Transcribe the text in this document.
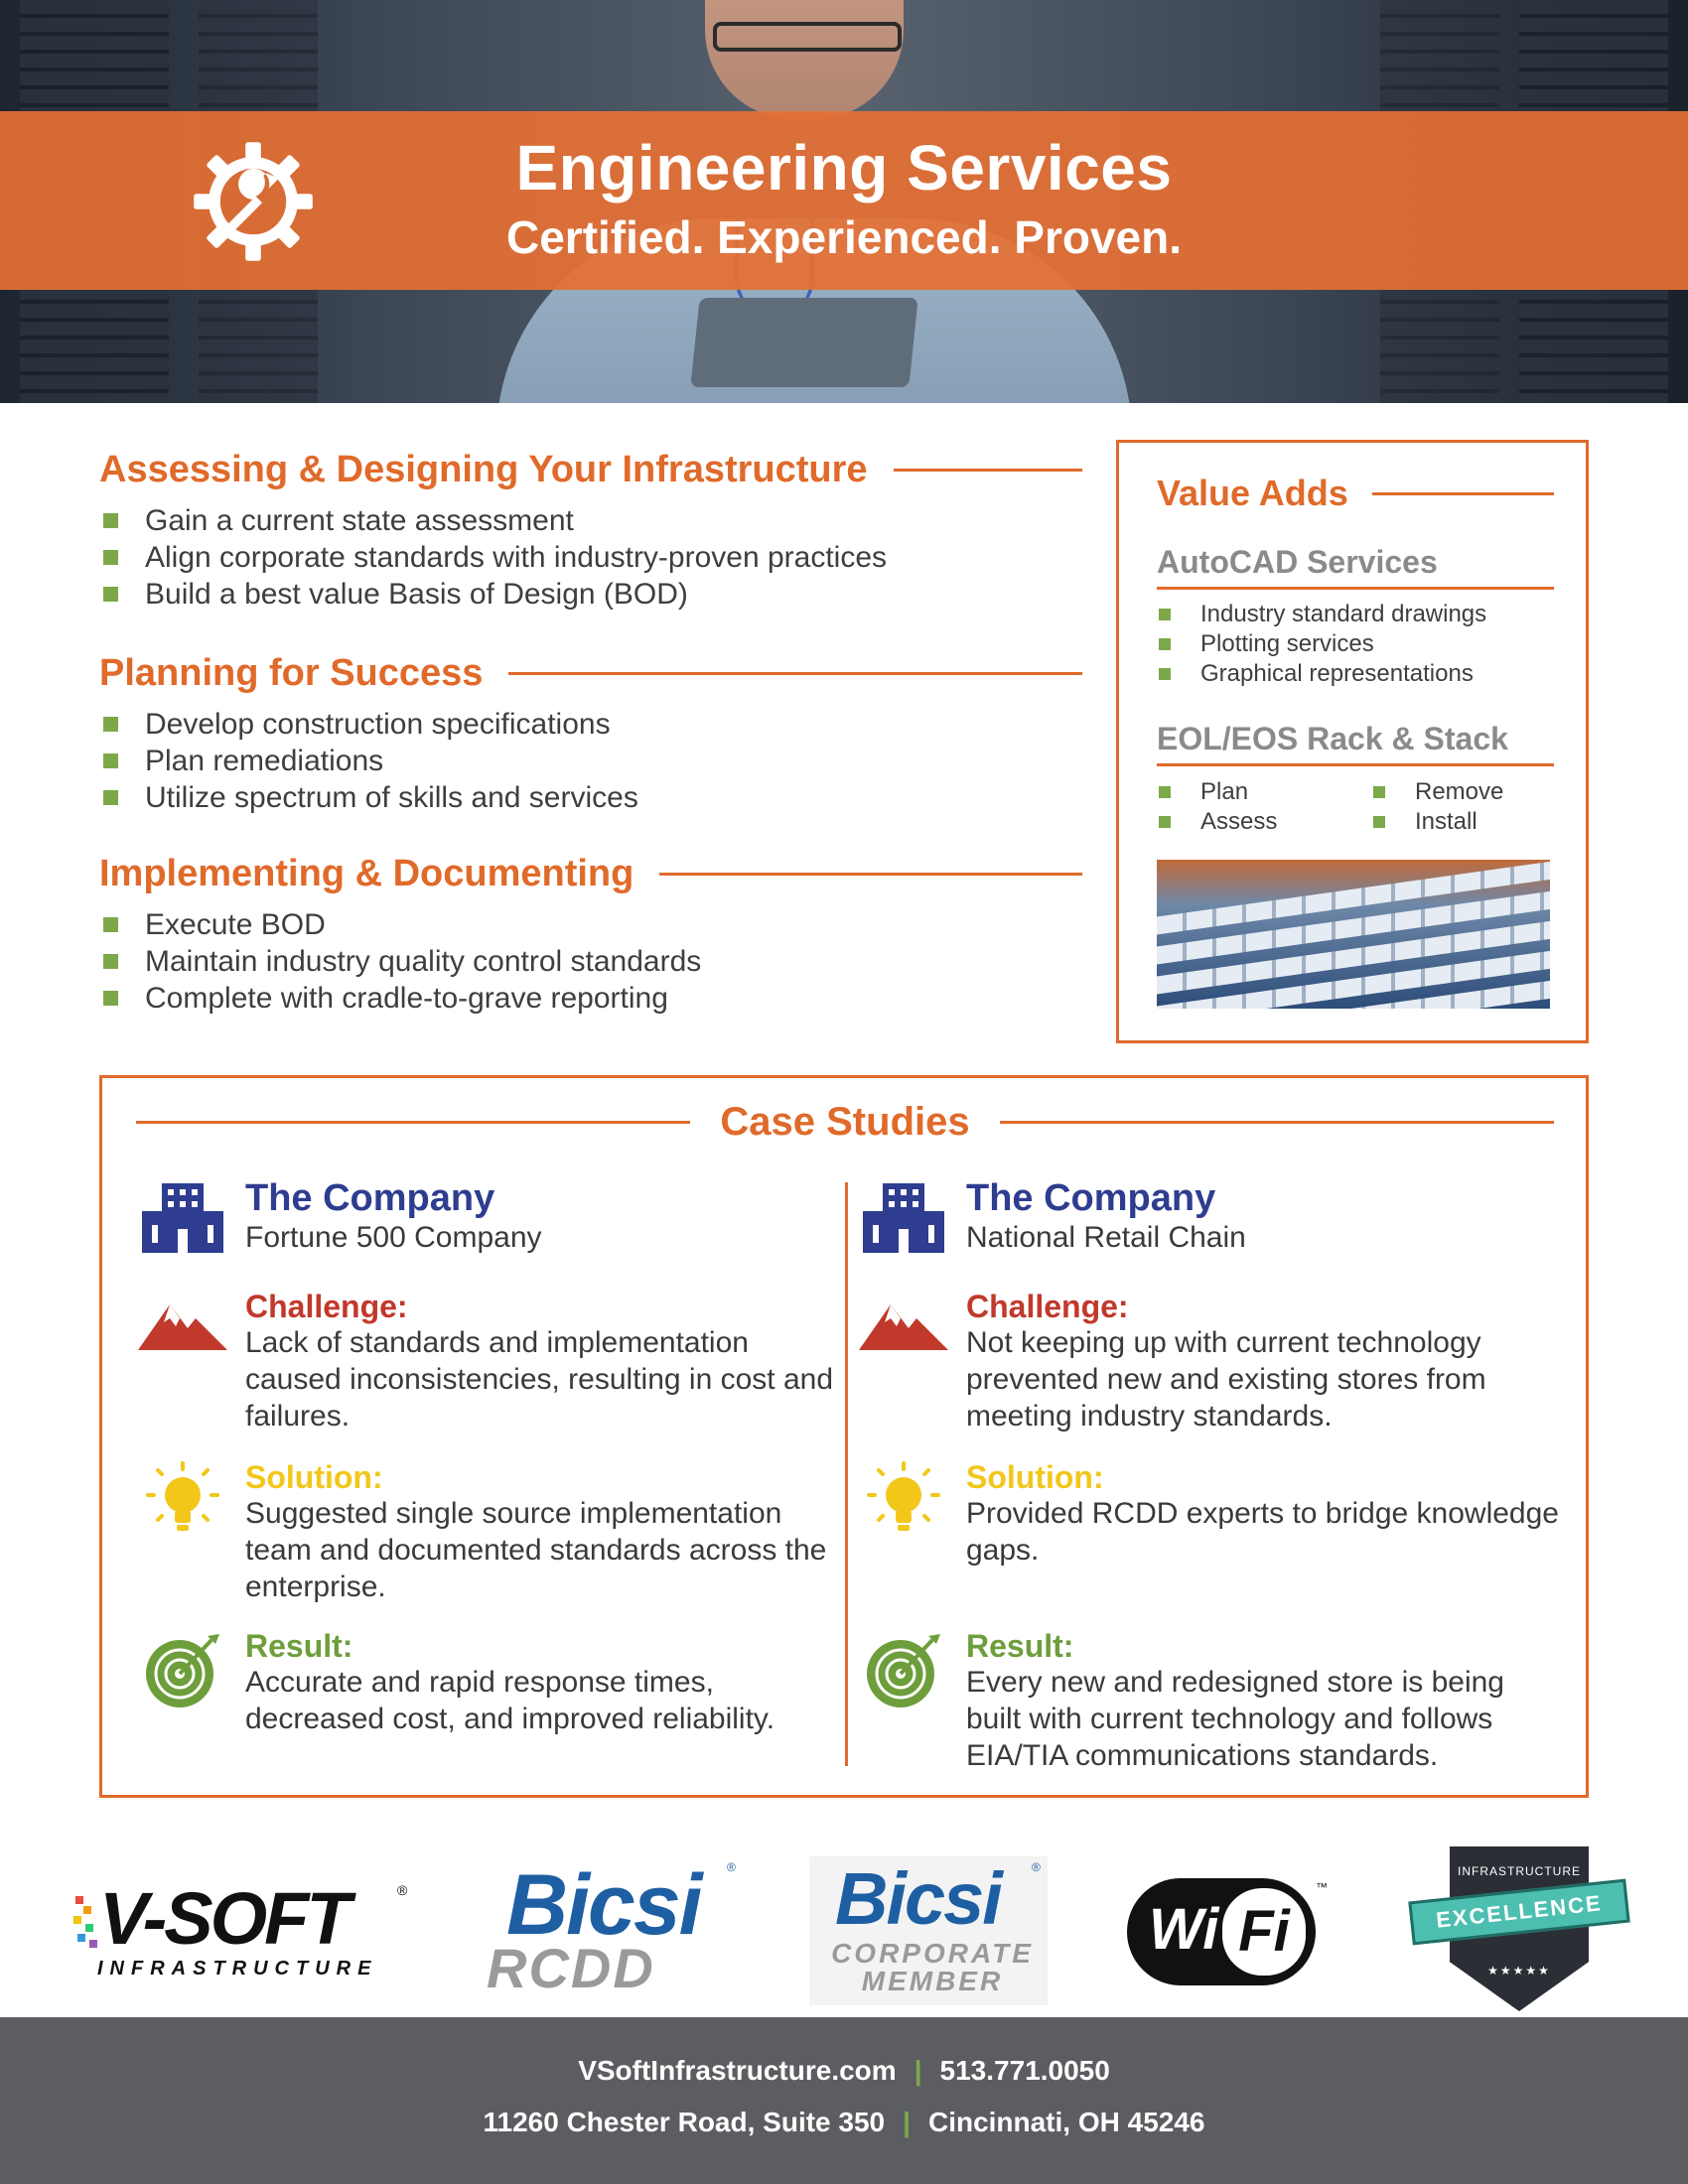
Engineering Services
Certified. Experienced. Proven.
Assessing & Designing Your Infrastructure
Gain a current state assessment
Align corporate standards with industry-proven practices
Build a best value Basis of Design (BOD)
Planning for Success
Develop construction specifications
Plan remediations
Utilize spectrum of skills and services
Implementing & Documenting
Execute BOD
Maintain industry quality control standards
Complete with cradle-to-grave reporting
Value Adds
AutoCAD Services
Industry standard drawings
Plotting services
Graphical representations
EOL/EOS Rack & Stack
Plan	Remove
Assess	Install
Case Studies
The Company
Fortune 500 Company
Challenge:
Lack of standards and implementation caused inconsistencies, resulting in cost and failures.
Solution:
Suggested single source implementation team and documented standards across the enterprise.
Result:
Accurate and rapid response times, decreased cost, and improved reliability.
The Company
National Retail Chain
Challenge:
Not keeping up with current technology prevented new and existing stores from meeting industry standards.
Solution:
Provided RCDD experts to bridge knowledge gaps.
Result:
Every new and redesigned store is being built with current technology and follows EIA/TIA communications standards.
V-SOFT	®
INFRASTRUCTURE
Bicsi ®
RCDD
Bicsi	®
CORPORATE MEMBER
Wi Fi
™
INFRASTRUCTURE
EXCELLENCE
★★★★★
VSoftInfrastructure.com | 513.771.0050
11260 Chester Road, Suite 350 | Cincinnati, OH 45246
